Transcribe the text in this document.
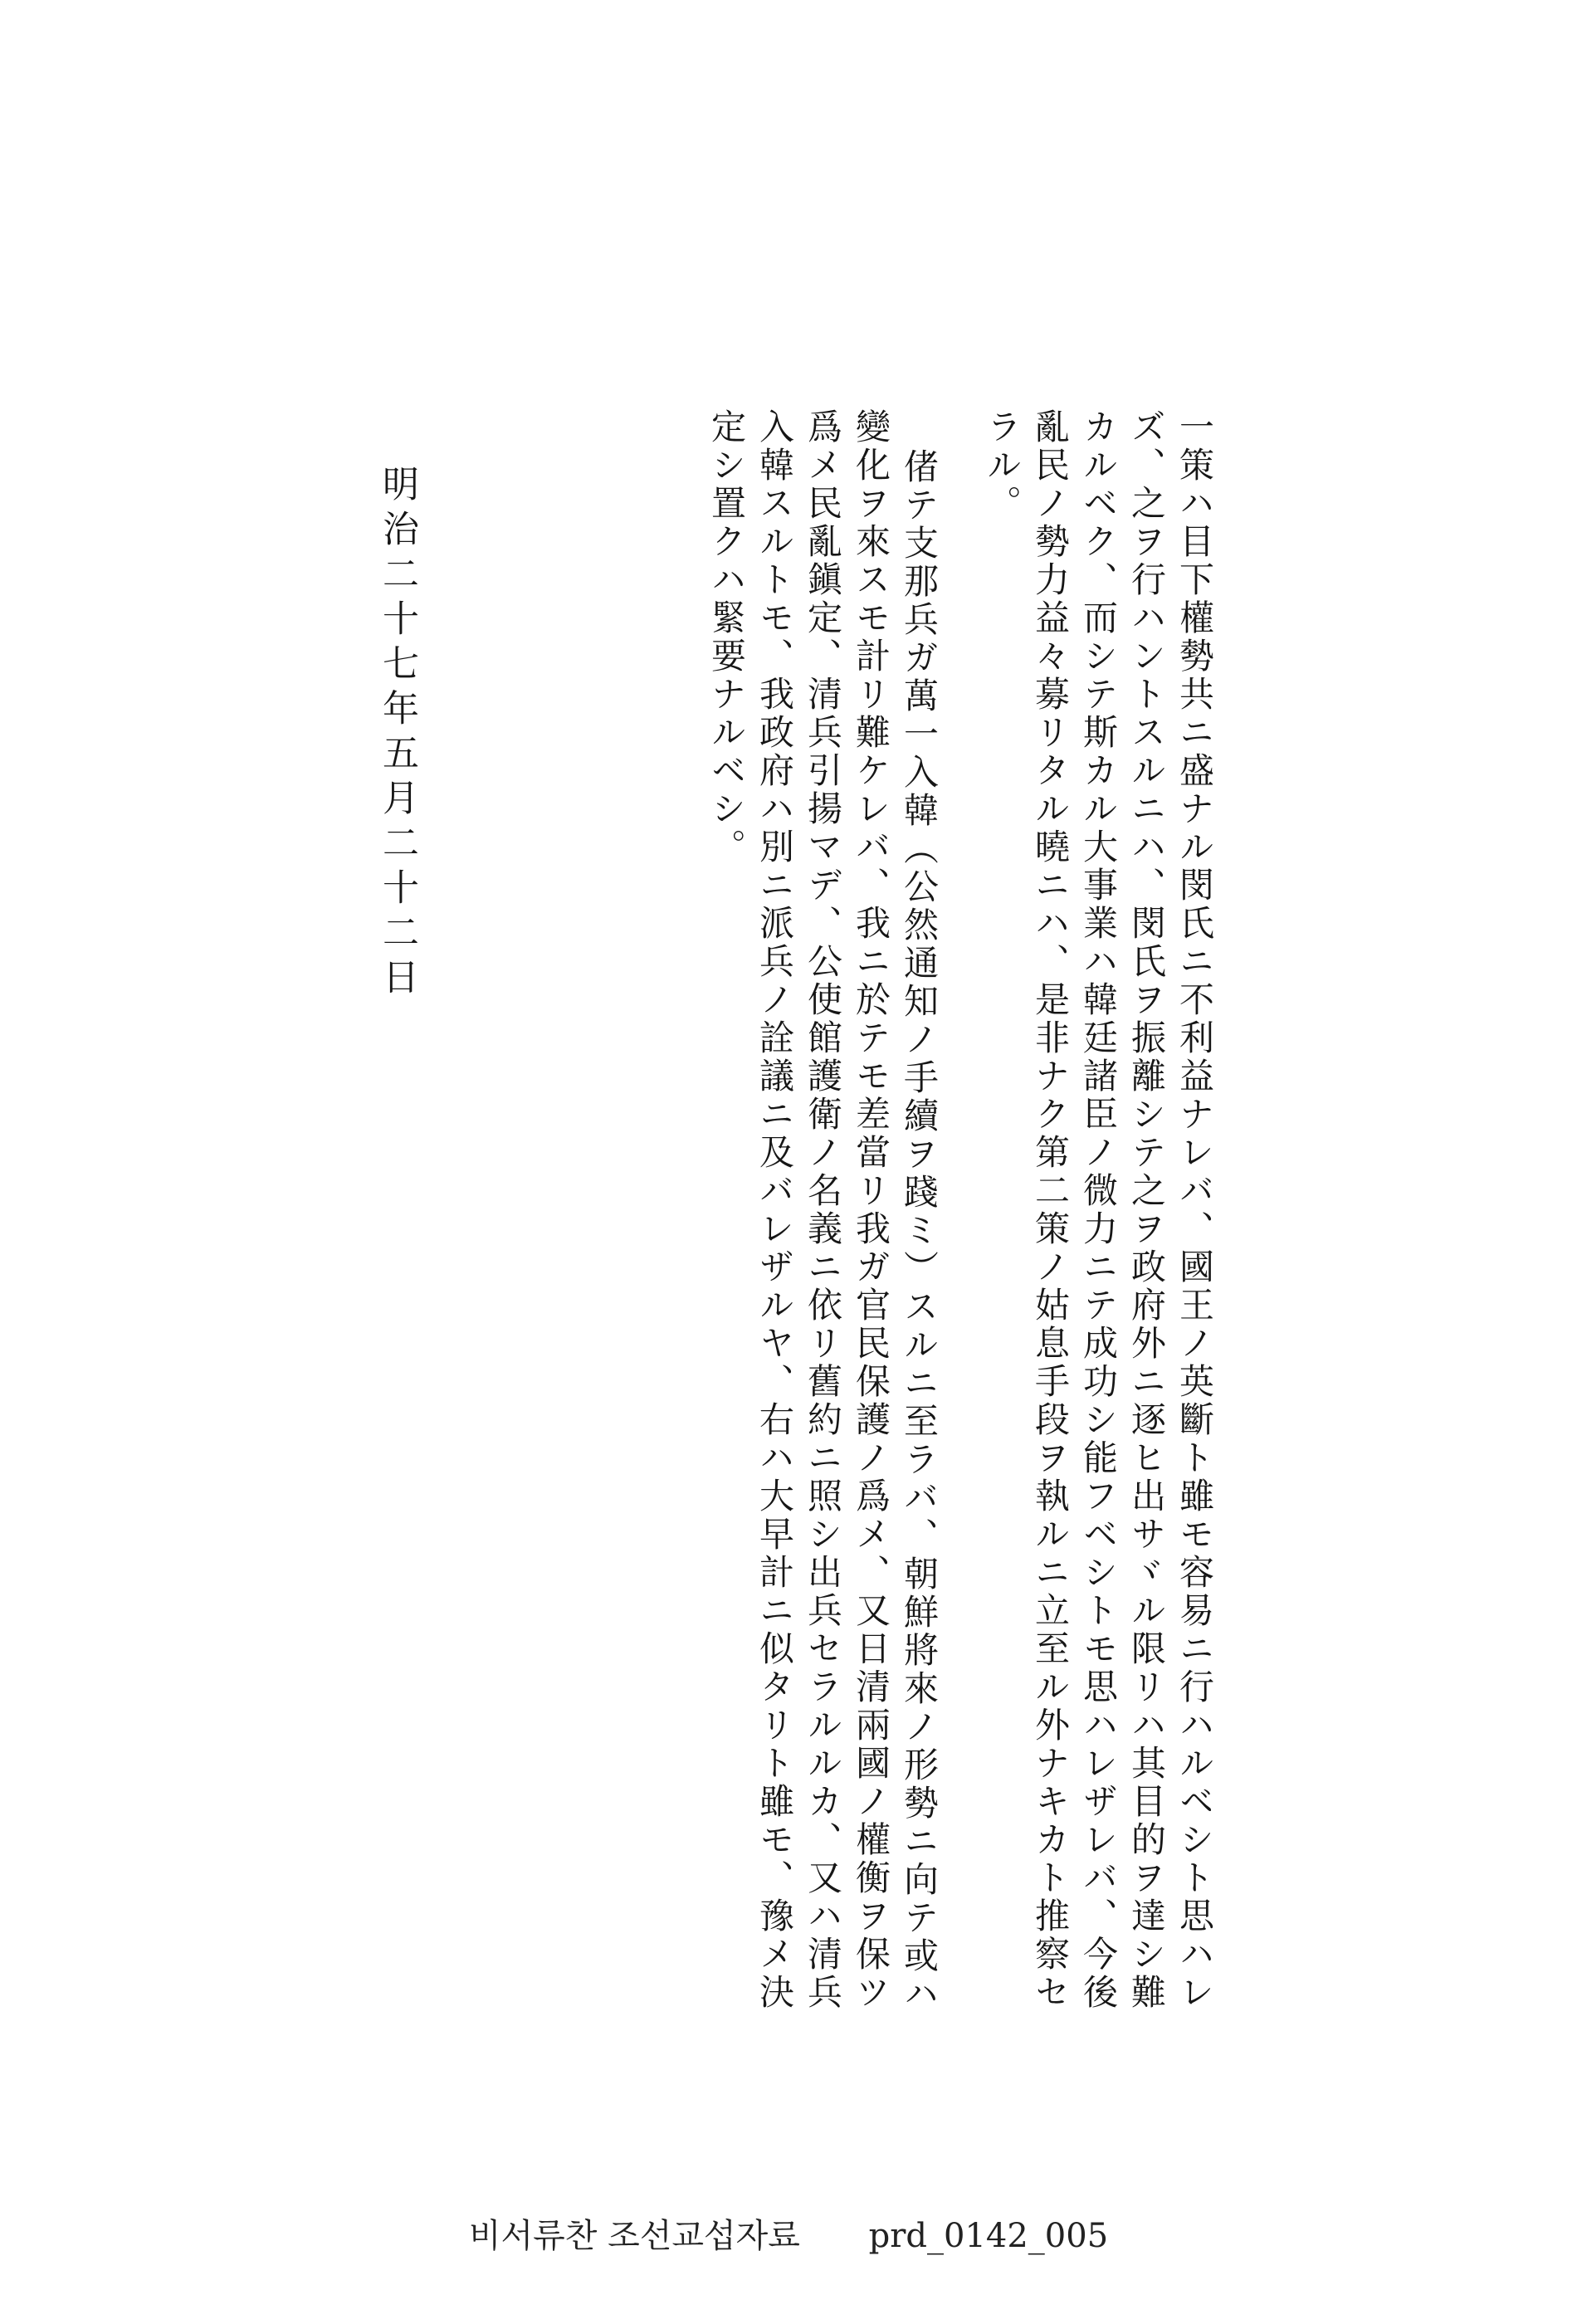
一策ハ目下權勢共ニ盛ナル閔氏ニ不利益ナレバ、國王ノ英斷ト雖モ容易ニ行ハルベシト思ハレ
ズ、之ヲ行ハントスルニハ、閔氏ヲ振離シテ之ヲ政府外ニ逐ヒ出サヾル限リハ其目的ヲ達シ難
カルベク、而シテ斯カル大事業ハ韓廷諸臣ノ微力ニテ成功シ能フベシトモ思ハレザレバ、今後
亂民ノ勢力益々募リタル曉ニハ、是非ナク第二策ノ姑息手段ヲ執ルニ立至ル外ナキカト推察セ
ラル。
偖テ支那兵ガ萬一入韓（公然通知ノ手續ヲ踐ミ）スルニ至ラバ、朝鮮將來ノ形勢ニ向テ或ハ
變化ヲ來スモ計リ難ケレバ、我ニ於テモ差當リ我ガ官民保護ノ爲メ、又日清兩國ノ權衡ヲ保ツ
爲メ民亂鎭定、清兵引揚マデ、公使館護衛ノ名義ニ依リ舊約ニ照シ出兵セラルルカ、又ハ清兵
入韓スルトモ、我政府ハ別ニ派兵ノ詮議ニ及バレザルヤ、右ハ大早計ニ似タリト雖モ、豫メ決
定シ置クハ緊要ナルベシ。
明治二十七年五月二十二日
비서류찬 조선교섭자료 prd_0142_005
